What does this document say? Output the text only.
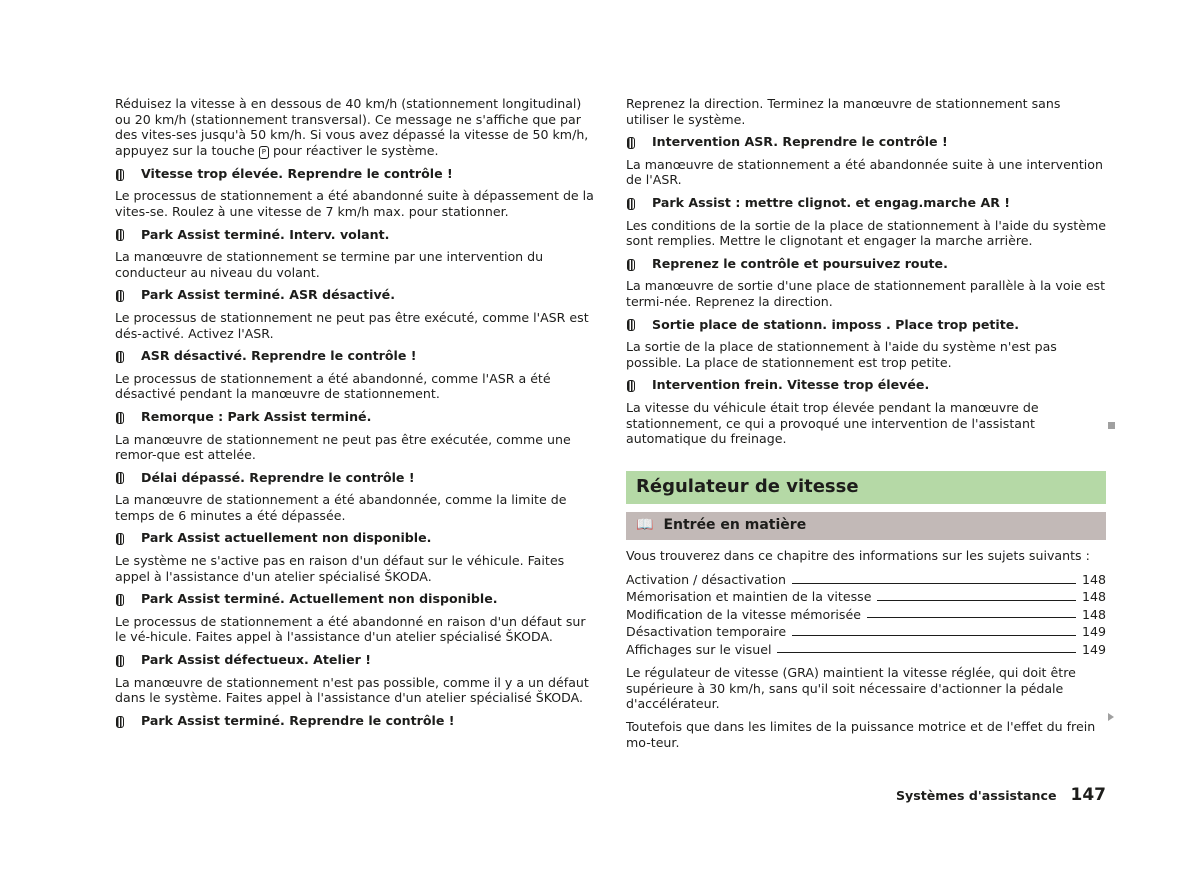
Réduisez la vitesse à en dessous de 40 km/h (stationnement longitudinal) ou 20 km/h (stationnement transversal). Ce message ne s'affiche que par des vites-ses jusqu'à 50 km/h. Si vous avez dépassé la vitesse de 50 km/h, appuyez sur la touche P pour réactiver le système.

Vitesse trop élevée. Reprendre le contrôle !

Le processus de stationnement a été abandonné suite à dépassement de la vites-se. Roulez à une vitesse de 7 km/h max. pour stationner.

Park Assist terminé. Interv. volant.

La manœuvre de stationnement se termine par une intervention du conducteur au niveau du volant.

Park Assist terminé. ASR désactivé.

Le processus de stationnement ne peut pas être exécuté, comme l'ASR est dés-activé. Activez l'ASR.

ASR désactivé. Reprendre le contrôle !

Le processus de stationnement a été abandonné, comme l'ASR a été désactivé pendant la manœuvre de stationnement.

Remorque : Park Assist terminé.

La manœuvre de stationnement ne peut pas être exécutée, comme une remor-que est attelée.

Délai dépassé. Reprendre le contrôle !

La manœuvre de stationnement a été abandonnée, comme la limite de temps de 6 minutes a été dépassée.

Park Assist actuellement non disponible.

Le système ne s'active pas en raison d'un défaut sur le véhicule. Faites appel à l'assistance d'un atelier spécialisé ŠKODA.

Park Assist terminé. Actuellement non disponible.

Le processus de stationnement a été abandonné en raison d'un défaut sur le vé-hicule. Faites appel à l'assistance d'un atelier spécialisé ŠKODA.

Park Assist défectueux. Atelier !

La manœuvre de stationnement n'est pas possible, comme il y a un défaut dans le système. Faites appel à l'assistance d'un atelier spécialisé ŠKODA.

Park Assist terminé. Reprendre le contrôle !

Reprenez la direction. Terminez la manœuvre de stationnement sans utiliser le système.

Intervention ASR. Reprendre le contrôle !

La manœuvre de stationnement a été abandonnée suite à une intervention de l'ASR.

Park Assist : mettre clignot. et engag.marche AR !

Les conditions de la sortie de la place de stationnement à l'aide du système sont remplies. Mettre le clignotant et engager la marche arrière.

Reprenez le contrôle et poursuivez route.

La manœuvre de sortie d'une place de stationnement parallèle à la voie est termi-née. Reprenez la direction.

Sortie place de stationn. imposs . Place trop petite.

La sortie de la place de stationnement à l'aide du système n'est pas possible. La place de stationnement est trop petite.

Intervention frein. Vitesse trop élevée.

La vitesse du véhicule était trop élevée pendant la manœuvre de stationnement, ce qui a provoqué une intervention de l'assistant automatique du freinage.

Régulateur de vitesse
📖 Entrée en matière

Vous trouverez dans ce chapitre des informations sur les sujets suivants :

Activation / désactivation	148
Mémorisation et maintien de la vitesse	148
Modification de la vitesse mémorisée	148
Désactivation temporaire	149
Affichages sur le visuel	149

Le régulateur de vitesse (GRA) maintient la vitesse réglée, qui doit être supérieure à 30 km/h, sans qu'il soit nécessaire d'actionner la pédale d'accélérateur.

Toutefois que dans les limites de la puissance motrice et de l'effet du frein mo-teur.

Systèmes d'assistance 147
